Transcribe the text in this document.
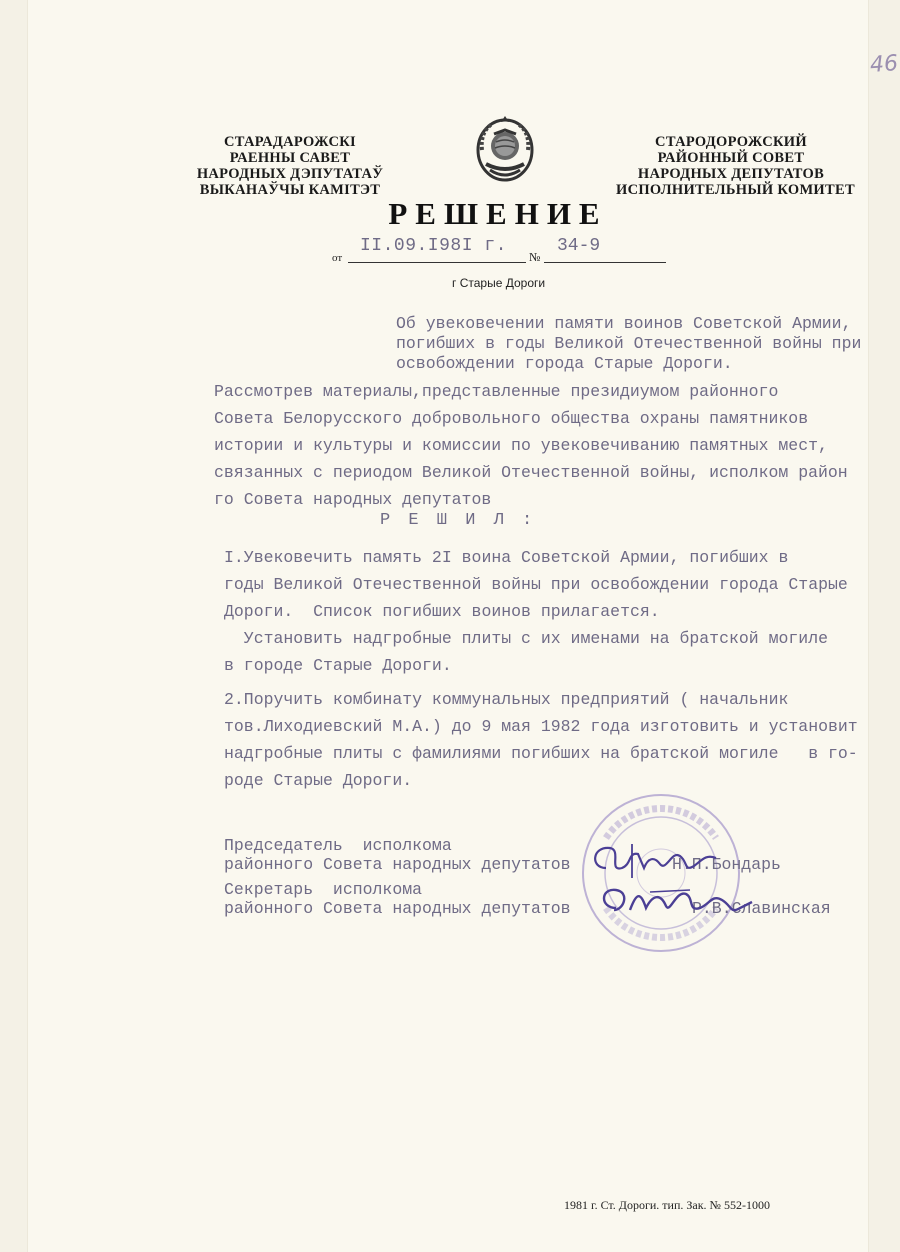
46
СТАРАДАРОЖСКІ
РАЕННЫ САВЕТ
НАРОДНЫХ ДЭПУТАТАЎ
ВЫКАНАЎЧЫ КАМІТЭТ
СТАРОДОРОЖСКИЙ
РАЙОННЫЙ СОВЕТ
НАРОДНЫХ ДЕПУТАТОВ
ИСПОЛНИТЕЛЬНЫЙ КОМИТЕТ
РЕШЕНИЕ
от
II.09.I98I г.
№
34-9
г Старые Дороги
Об увековечении памяти воинов Советской Армии,
погибших в годы Великой Отечественной войны при
освобождении города Старые Дороги.
Рассмотрев материалы,представленные президиумом районного
Совета Белорусского добровольного общества охраны памятников
истории и культуры и комиссии по увековечиванию памятных мест,
связанных с периодом Великой Отечественной войны, исполком район
го Совета народных депутатов
Р Е Ш И Л :
I.Увековечить память 2I воина Советской Армии, погибших в
годы Великой Отечественной войны при освобождении города Старые
Дороги.  Список погибших воинов прилагается.
Установить надгробные плиты с их именами на братской могиле
в городе Старые Дороги.
2.Поручить комбинату коммунальных предприятий ( начальник
тов.Лиходиевский М.А.) до 9 мая 1982 года изготовить и установит
надгробные плиты с фамилиями погибших на братской могиле   в го-
роде Старые Дороги.
Председатель  исполкома
районного Совета народных депутатов	Н.П.Бондарь
Секретарь  исполкома
районного Совета народных депутатов	Р.В.Славинская
1981 г. Ст. Дороги. тип. Зак. № 552-1000
